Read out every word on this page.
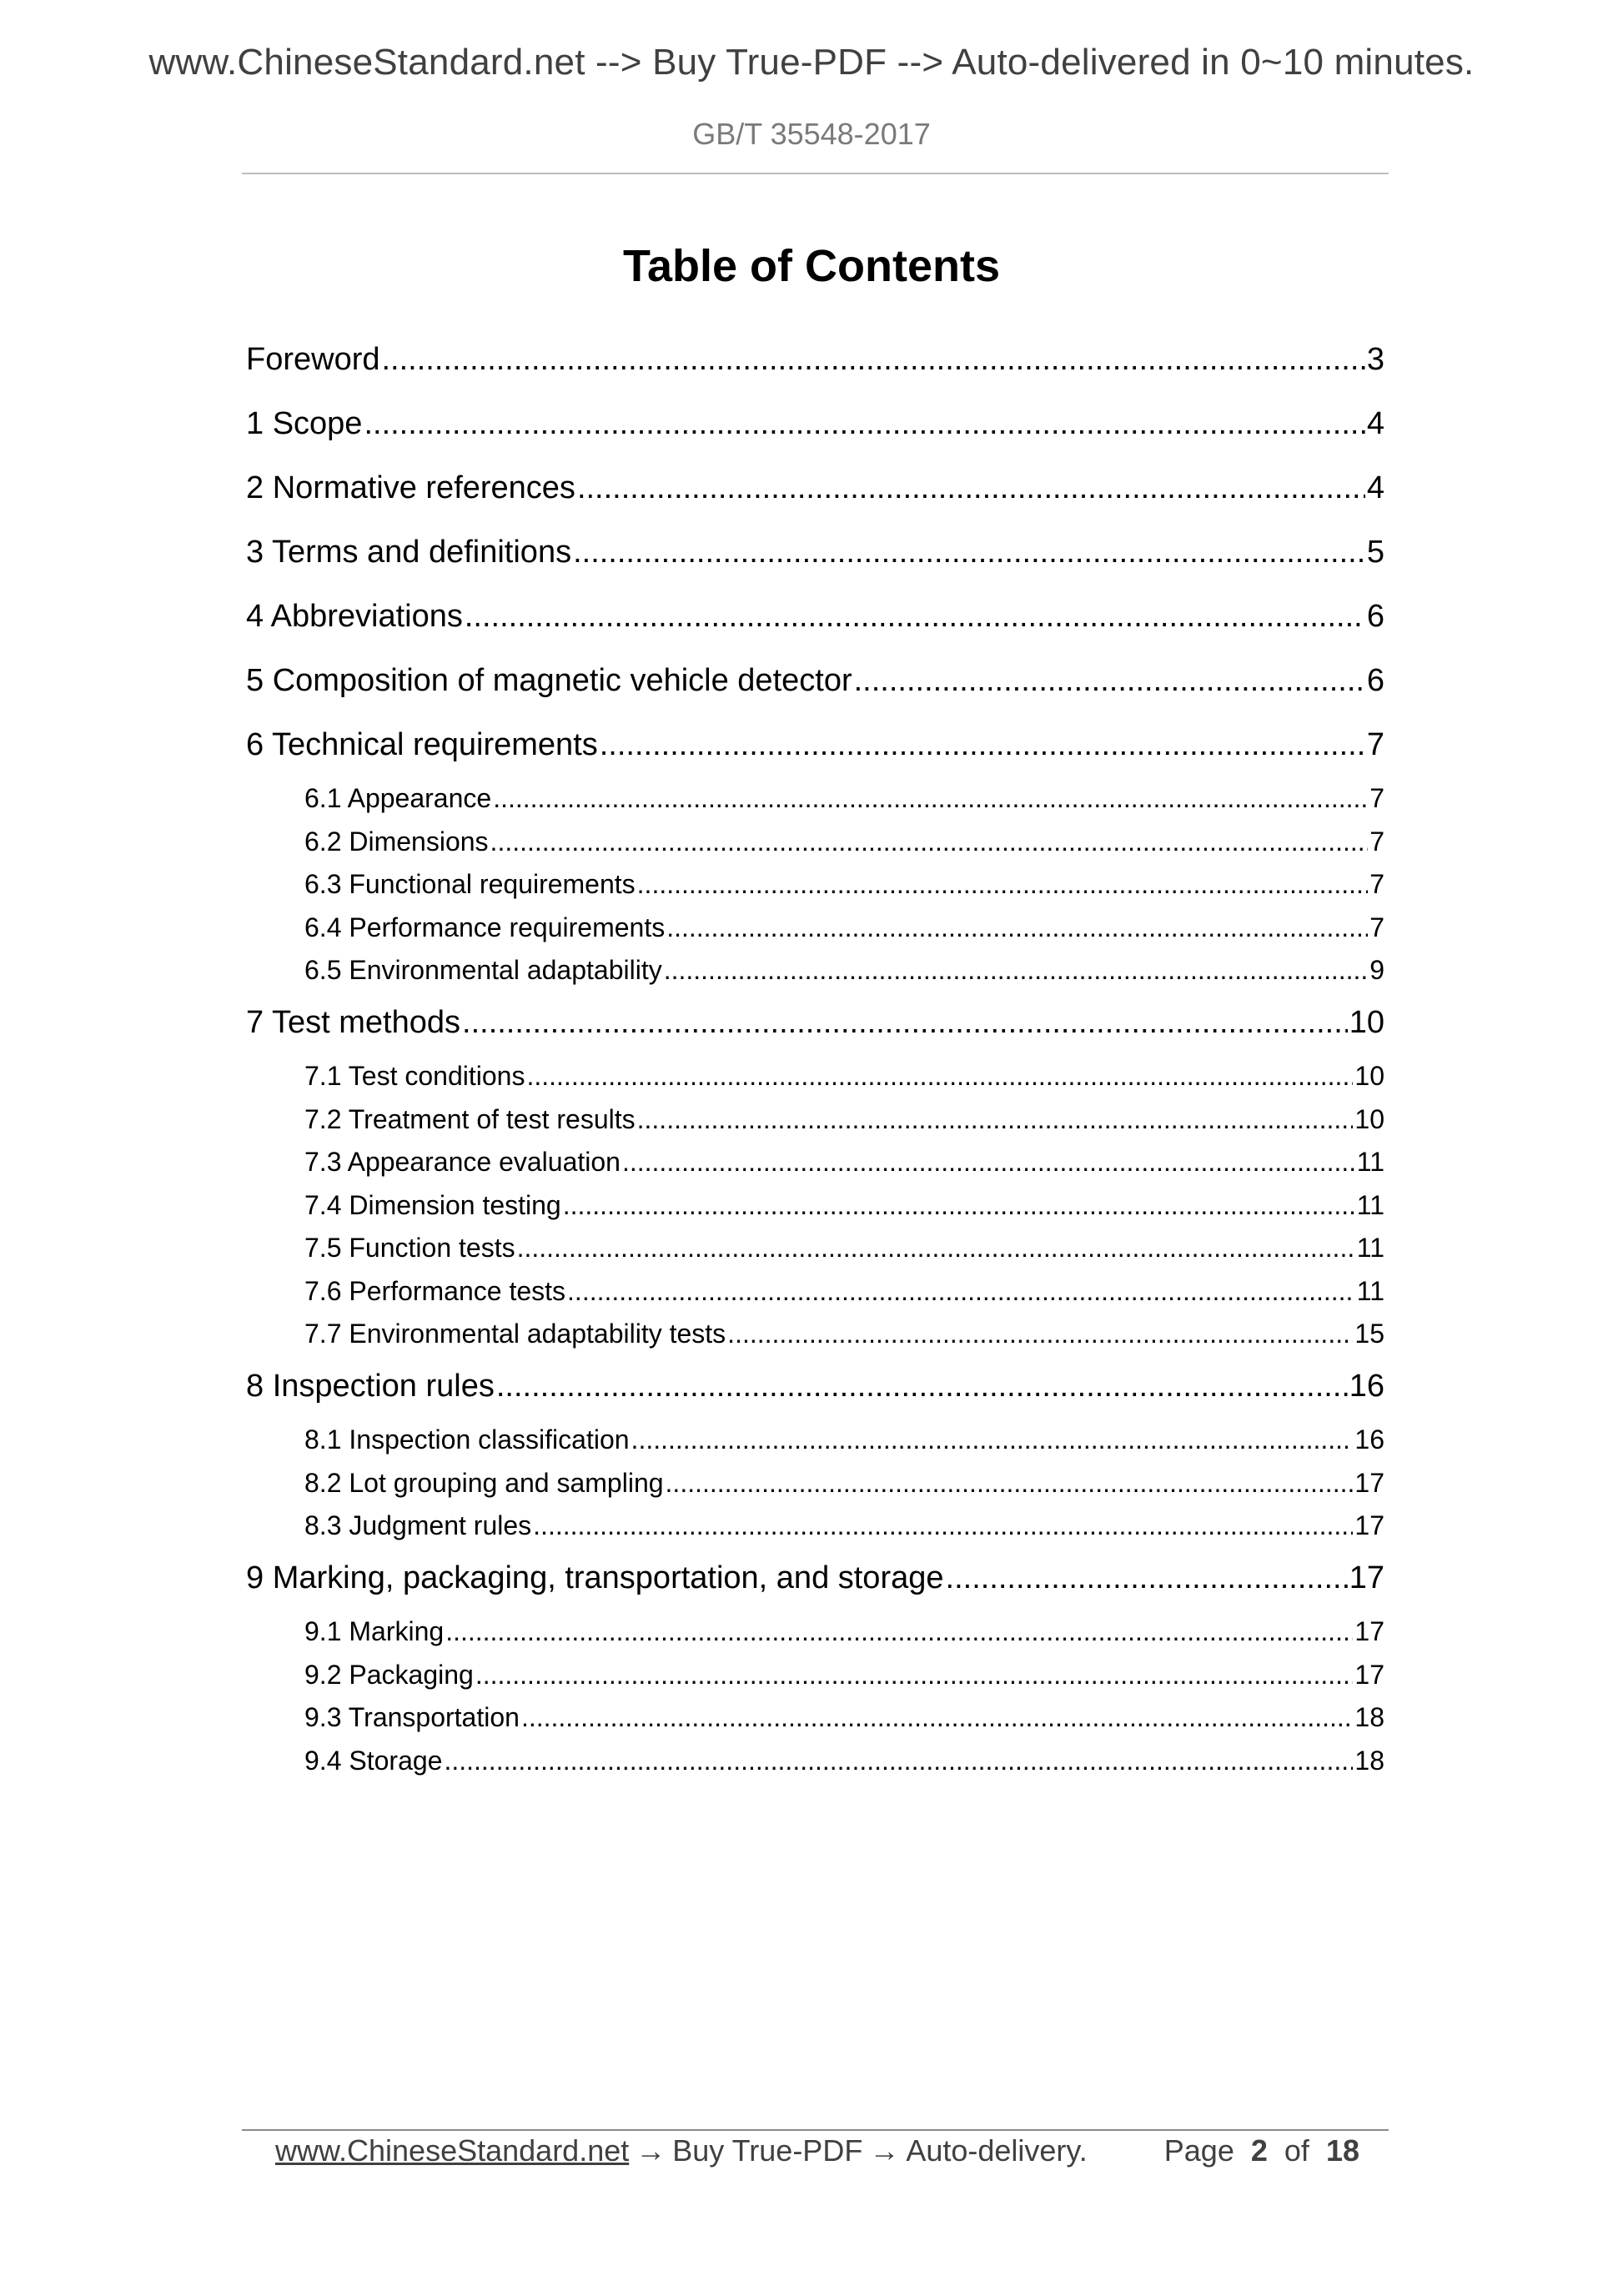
www.ChineseStandard.net --> Buy True-PDF --> Auto-delivered in 0~10 minutes.
GB/T 35548-2017
Table of Contents
Foreword .....	3
1 Scope .....	4
2 Normative references .....	4
3 Terms and definitions .....	5
4 Abbreviations .....	6
5 Composition of magnetic vehicle detector .....	6
6 Technical requirements .....	7
6.1 Appearance .....	7
6.2 Dimensions .....	7
6.3 Functional requirements .....	7
6.4 Performance requirements .....	7
6.5 Environmental adaptability .....	9
7 Test methods .....	10
7.1 Test conditions .....	10
7.2 Treatment of test results .....	10
7.3 Appearance evaluation .....	11
7.4 Dimension testing .....	11
7.5 Function tests .....	11
7.6 Performance tests .....	11
7.7 Environmental adaptability tests .....	15
8 Inspection rules .....	16
8.1 Inspection classification .....	16
8.2 Lot grouping and sampling .....	17
8.3 Judgment rules .....	17
9 Marking, packaging, transportation, and storage .....	17
9.1 Marking .....	17
9.2 Packaging .....	17
9.3 Transportation .....	18
9.4 Storage .....	18
www.ChineseStandard.net → Buy True-PDF → Auto-delivery.	Page
2
of
18
